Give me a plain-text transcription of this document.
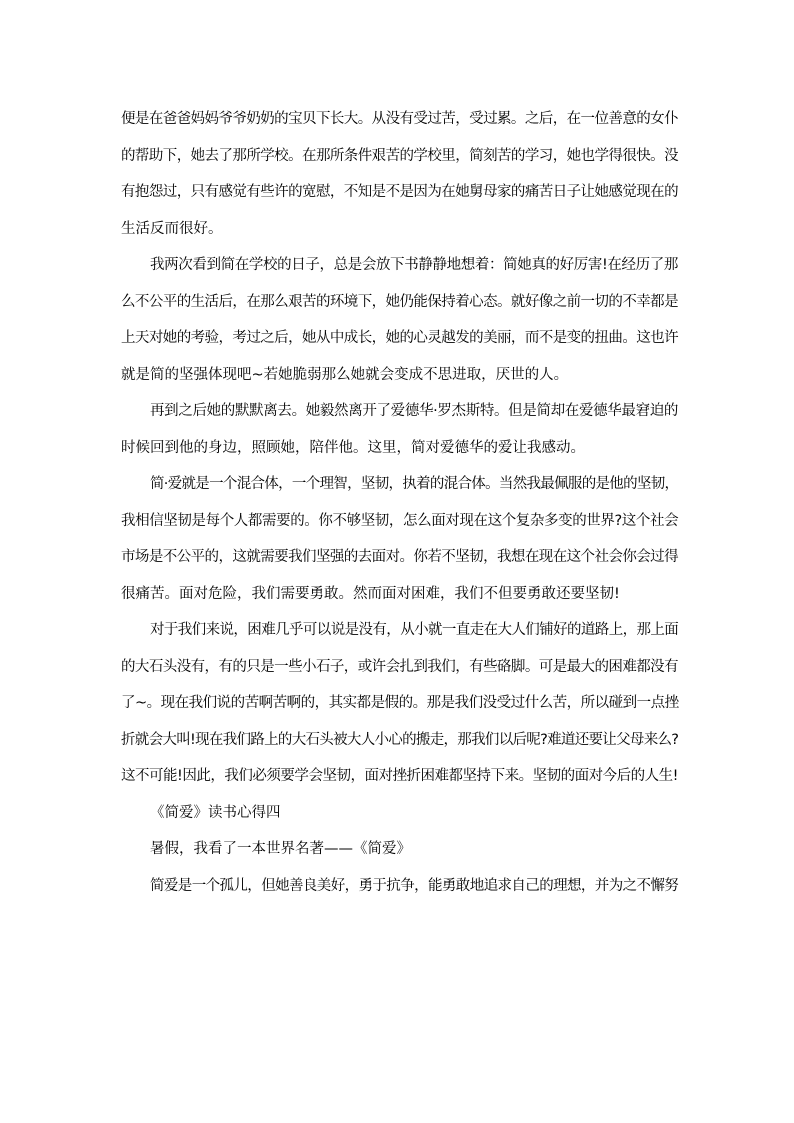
便是在爸爸妈妈爷爷奶奶的宝贝下长大。从没有受过苦，受过累。之后，在一位善意的女仆
的帮助下，她去了那所学校。在那所条件艰苦的学校里，简刻苦的学习，她也学得很快。没
有抱怨过，只有感觉有些许的宽慰，不知是不是因为在她舅母家的痛苦日子让她感觉现在的
生活反而很好。
我两次看到简在学校的日子，总是会放下书静静地想着：简她真的好厉害!在经历了那
么不公平的生活后，在那么艰苦的环境下，她仍能保持着心态。就好像之前一切的不幸都是
上天对她的考验，考过之后，她从中成长，她的心灵越发的美丽，而不是变的扭曲。这也许
就是简的坚强体现吧~若她脆弱那么她就会变成不思进取，厌世的人。
再到之后她的默默离去。她毅然离开了爱德华·罗杰斯特。但是简却在爱德华最窘迫的
时候回到他的身边，照顾她，陪伴他。这里，简对爱德华的爱让我感动。
简·爱就是一个混合体，一个理智，坚韧，执着的混合体。当然我最佩服的是他的坚韧，
我相信坚韧是每个人都需要的。你不够坚韧，怎么面对现在这个复杂多变的世界?这个社会
市场是不公平的，这就需要我们坚强的去面对。你若不坚韧，我想在现在这个社会你会过得
很痛苦。面对危险，我们需要勇敢。然而面对困难，我们不但要勇敢还要坚韧!
对于我们来说，困难几乎可以说是没有，从小就一直走在大人们铺好的道路上，那上面
的大石头没有，有的只是一些小石子，或许会扎到我们，有些硌脚。可是最大的困难都没有
了~。现在我们说的苦啊苦啊的，其实都是假的。那是我们没受过什么苦，所以碰到一点挫
折就会大叫!现在我们路上的大石头被大人小心的搬走，那我们以后呢?难道还要让父母来么?
这不可能!因此，我们必须要学会坚韧，面对挫折困难都坚持下来。坚韧的面对今后的人生!
《简爱》读书心得四
暑假，我看了一本世界名著——《简爱》
简爱是一个孤儿，但她善良美好，勇于抗争，能勇敢地追求自己的理想，并为之不懈努
